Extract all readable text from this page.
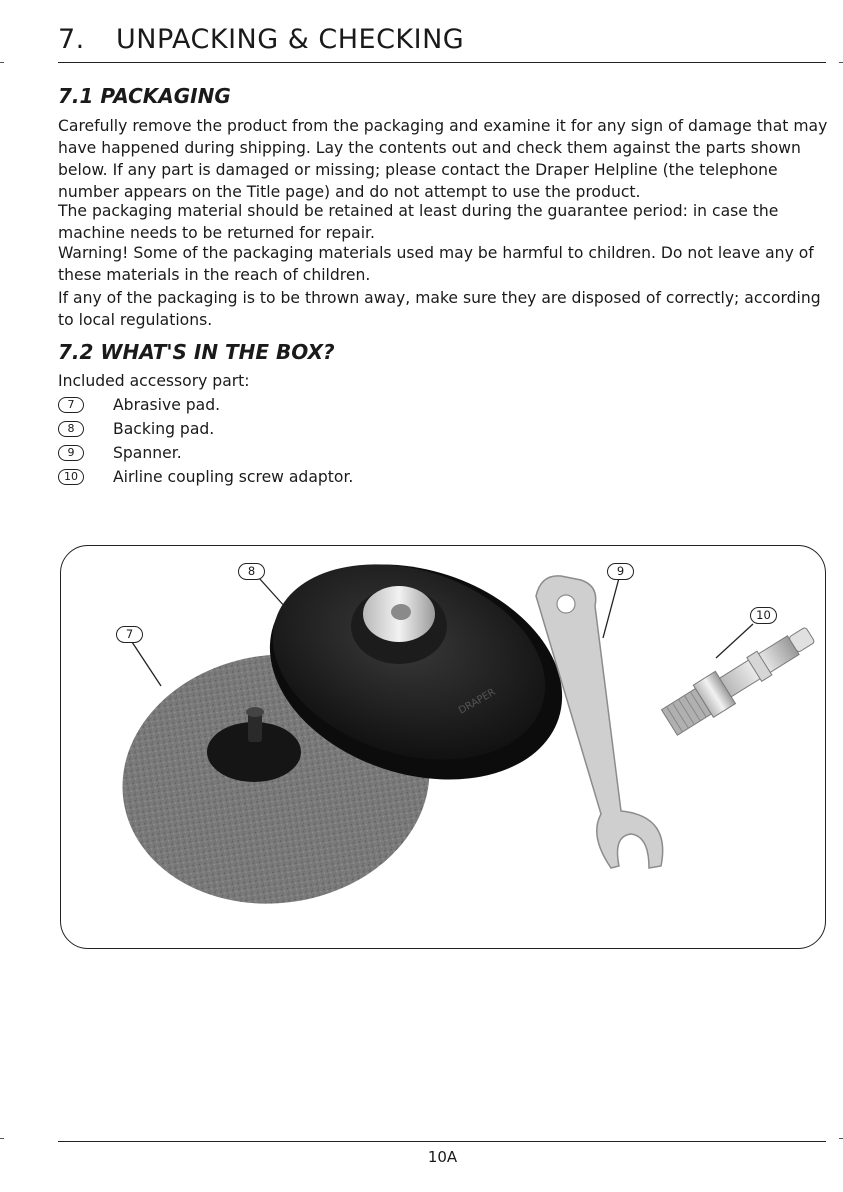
7. UNPACKING & CHECKING
7.1 PACKAGING

Carefully remove the product from the packaging and examine it for any sign of damage that may have happened during shipping. Lay the contents out and check them against the parts shown below. If any part is damaged or missing; please contact the Draper Helpline (the telephone number appears on the Title page) and do not attempt to use the product.

The packaging material should be retained at least during the guarantee period: in case the machine needs to be returned for repair.

Warning! Some of the packaging materials used may be harmful to children. Do not leave any of these materials in the reach of children.

If any of the packaging is to be thrown away, make sure they are disposed of correctly; according to local regulations.

7.2 WHAT'S IN THE BOX?
Included accessory part:
7	Abrasive pad.
8	Backing pad.
9	Spanner.
10	Airline coupling screw adaptor.
DRAPER
7
8	9
10
10A
